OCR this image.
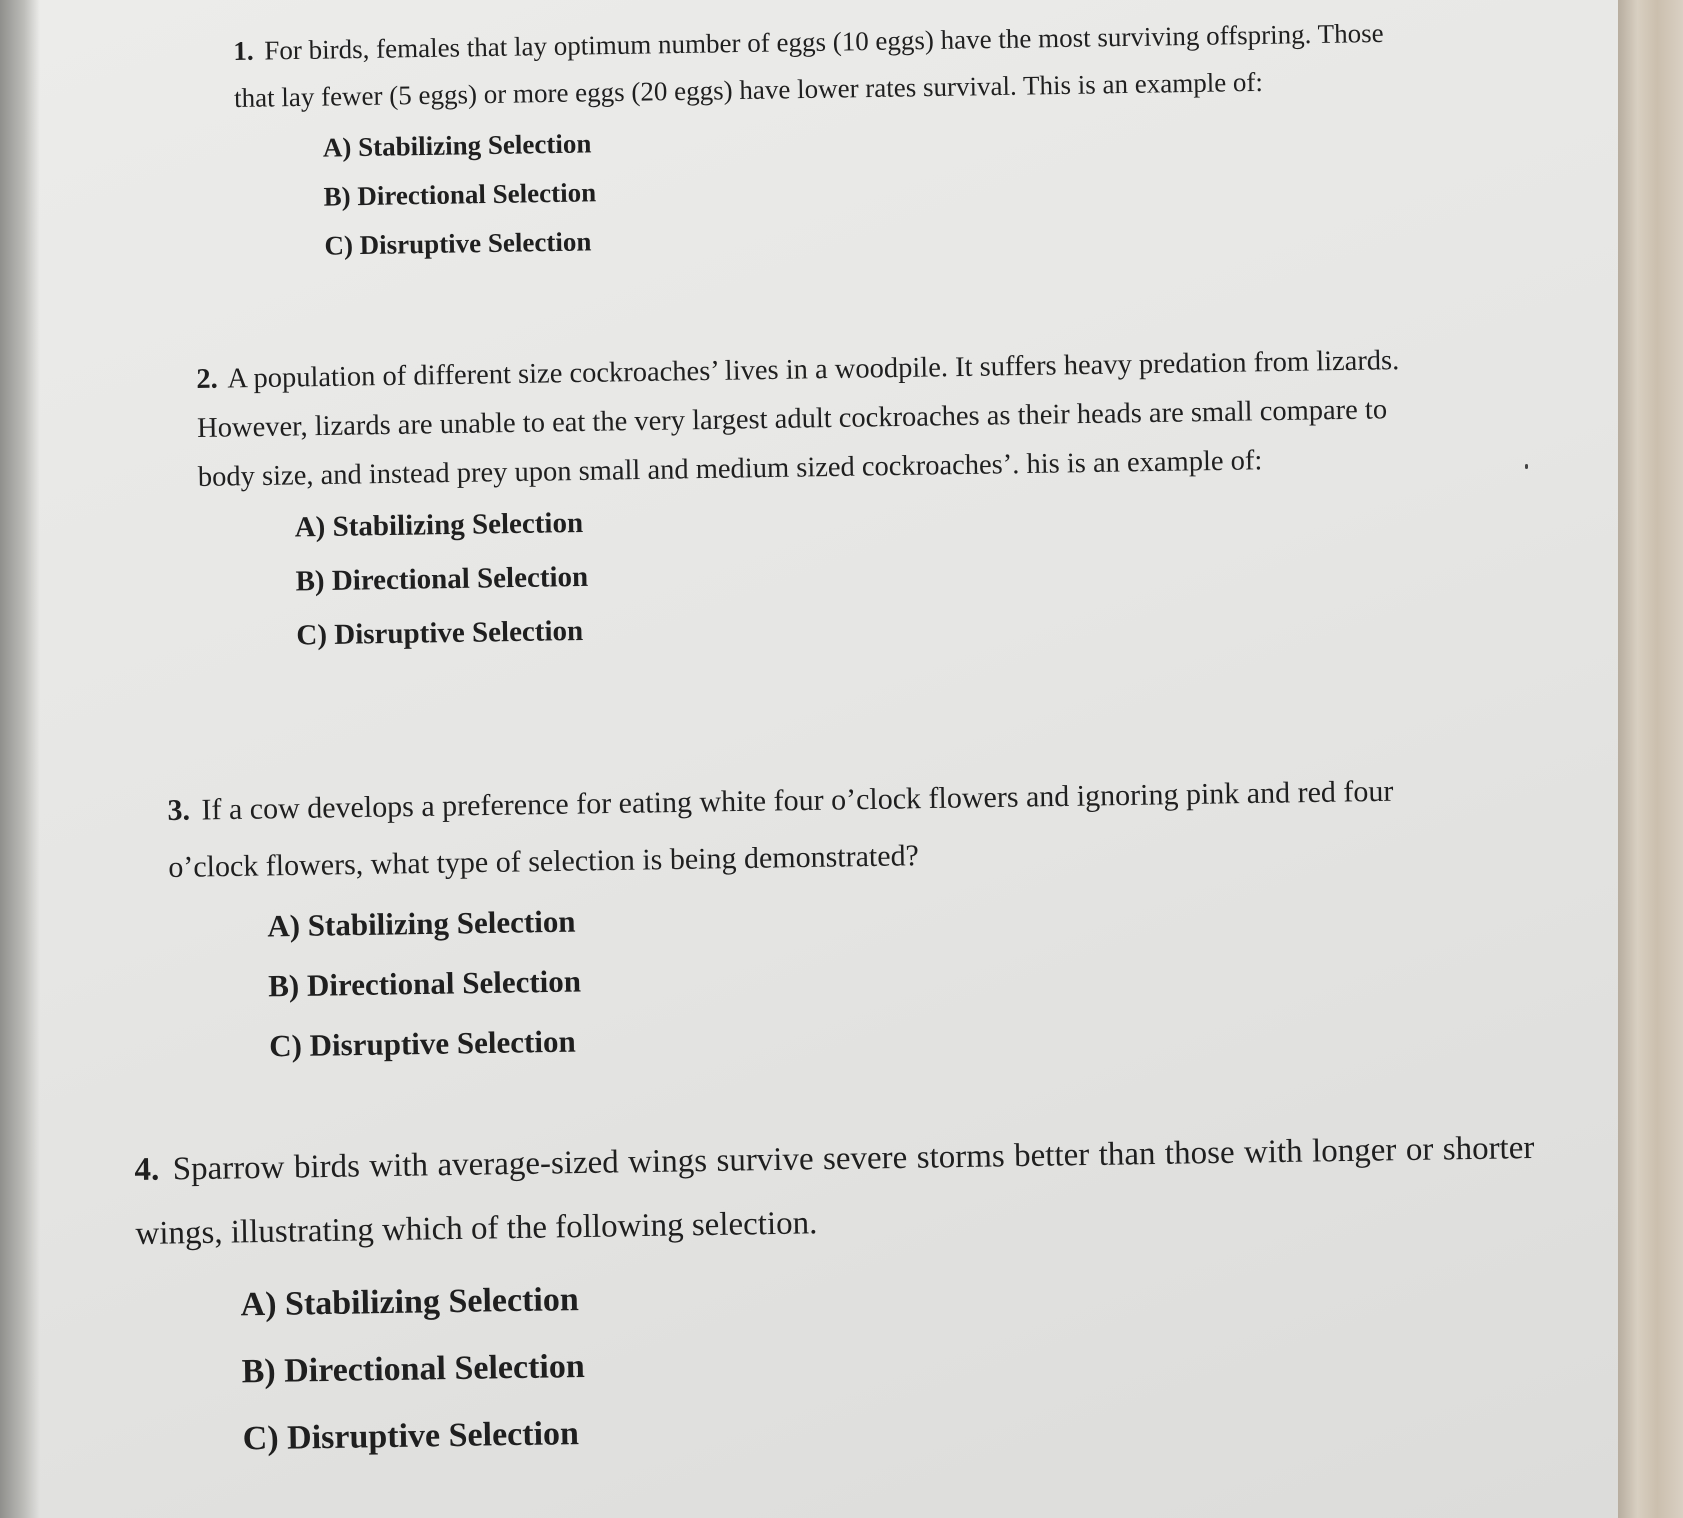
1. For birds, females that lay optimum number of eggs (10 eggs) have the most surviving offspring. Those that lay fewer (5 eggs) or more eggs (20 eggs) have lower rates survival. This is an example of:

A) Stabilizing Selection
B) Directional Selection
C) Disruptive Selection

2. A population of different size cockroaches’ lives in a woodpile. It suffers heavy predation from lizards. However, lizards are unable to eat the very largest adult cockroaches as their heads are small compare to body size, and instead prey upon small and medium sized cockroaches’. his is an example of:

A) Stabilizing Selection
B) Directional Selection
C) Disruptive Selection

3. If a cow develops a preference for eating white four o’clock flowers and ignoring pink and red four o’clock flowers, what type of selection is being demonstrated?

A) Stabilizing Selection
B) Directional Selection
C) Disruptive Selection

4. Sparrow birds with average-sized wings survive severe storms better than those with longer or shorter wings, illustrating which of the following selection.

A) Stabilizing Selection
B) Directional Selection
C) Disruptive Selection
